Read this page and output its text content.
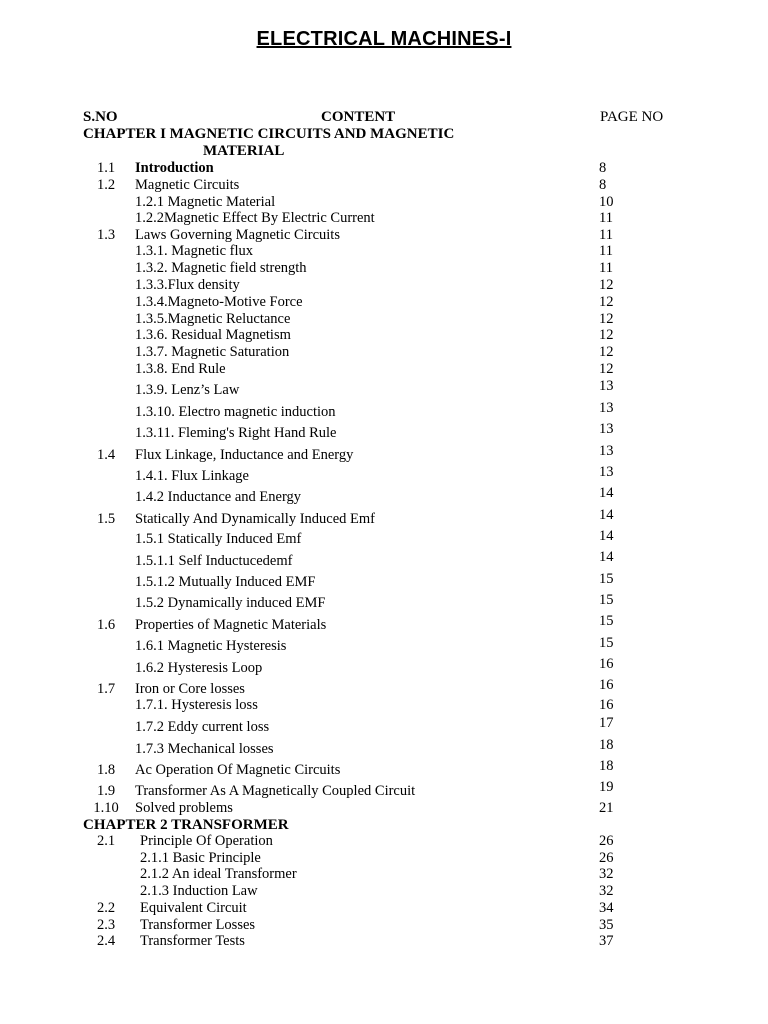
ELECTRICAL MACHINES-I
S.NO	CONTENT	PAGE NO
CHAPTER I MAGNETIC CIRCUITS AND MAGNETIC
MATERIAL
CHAPTER 2 TRANSFORMER
1.1	Introduction	8
1.2	Magnetic Circuits	8
1.2.1 Magnetic Material	10
1.2.2Magnetic Effect By Electric Current	11
1.3	Laws Governing Magnetic Circuits	11
1.3.1. Magnetic flux	11
1.3.2. Magnetic field strength	11
1.3.3.Flux density	12
1.3.4.Magneto-Motive Force	12
1.3.5.Magnetic Reluctance	12
1.3.6. Residual Magnetism	12
1.3.7. Magnetic Saturation	12
1.3.8. End Rule	12
1.3.9. Lenz’s Law	13
1.3.10. Electro magnetic induction	13
1.3.11. Fleming's Right Hand Rule	13
1.4	Flux Linkage, Inductance and Energy	13
1.4.1. Flux Linkage	13
1.4.2 Inductance and Energy	14
1.5	Statically And Dynamically Induced Emf	14
1.5.1 Statically Induced Emf	14
1.5.1.1 Self Inductucedemf	14
1.5.1.2 Mutually Induced EMF	15
1.5.2 Dynamically induced EMF	15
1.6	Properties of Magnetic Materials	15
1.6.1 Magnetic Hysteresis	15
1.6.2 Hysteresis Loop	16
1.7	Iron or Core losses	16
1.7.1. Hysteresis loss	16
1.7.2 Eddy current loss	17
1.7.3 Mechanical losses	18
1.8	Ac Operation Of Magnetic Circuits	18
1.9	Transformer As A Magnetically Coupled Circuit	19
1.10	Solved problems	21
2.1	Principle Of Operation	26
2.1.1 Basic Principle	26
2.1.2 An ideal Transformer	32
2.1.3 Induction Law	32
2.2	Equivalent Circuit	34
2.3	Transformer Losses	35
2.4	Transformer Tests	37
